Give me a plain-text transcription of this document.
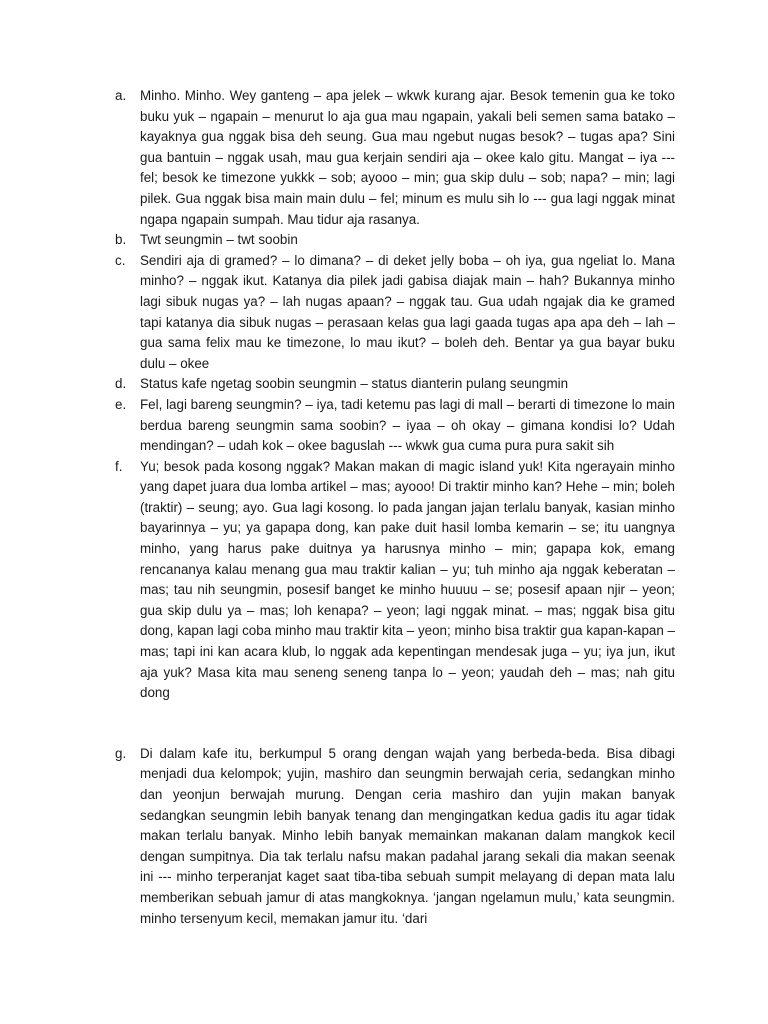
a.	Minho. Minho. Wey ganteng – apa jelek – wkwk kurang ajar. Besok temenin gua ke toko buku yuk – ngapain – menurut lo aja gua mau ngapain, yakali beli semen sama batako – kayaknya gua nggak bisa deh seung. Gua mau ngebut nugas besok? – tugas apa? Sini gua bantuin – nggak usah, mau gua kerjain sendiri aja – okee kalo gitu. Mangat – iya --- fel; besok ke timezone yukkk – sob; ayooo – min; gua skip dulu – sob; napa? – min; lagi pilek. Gua nggak bisa main main dulu – fel; minum es mulu sih lo --- gua lagi nggak minat ngapa ngapain sumpah. Mau tidur aja rasanya.
b.	Twt seungmin – twt soobin
c.	Sendiri aja di gramed? – lo dimana? – di deket jelly boba – oh iya, gua ngeliat lo. Mana minho? – nggak ikut. Katanya dia pilek jadi gabisa diajak main – hah? Bukannya minho lagi sibuk nugas ya? – lah nugas apaan? – nggak tau. Gua udah ngajak dia ke gramed tapi katanya dia sibuk nugas – perasaan kelas gua lagi gaada tugas apa apa deh – lah – gua sama felix mau ke timezone, lo mau ikut? – boleh deh. Bentar ya gua bayar buku dulu – okee
d.	Status kafe ngetag soobin seungmin – status dianterin pulang seungmin
e.	Fel, lagi bareng seungmin? – iya, tadi ketemu pas lagi di mall – berarti di timezone lo main berdua bareng seungmin sama soobin? – iyaa – oh okay – gimana kondisi lo? Udah mendingan? – udah kok – okee baguslah --- wkwk gua cuma pura pura sakit sih
f.	Yu; besok pada kosong nggak? Makan makan di magic island yuk! Kita ngerayain minho yang dapet juara dua lomba artikel – mas; ayooo! Di traktir minho kan? Hehe – min; boleh (traktir) – seung; ayo. Gua lagi kosong. lo pada jangan jajan terlalu banyak, kasian minho bayarinnya – yu; ya gapapa dong, kan pake duit hasil lomba kemarin – se; itu uangnya minho, yang harus pake duitnya ya harusnya minho – min; gapapa kok, emang rencananya kalau menang gua mau traktir kalian – yu; tuh minho aja nggak keberatan – mas; tau nih seungmin, posesif banget ke minho huuuu – se; posesif apaan njir – yeon; gua skip dulu ya – mas; loh kenapa? – yeon; lagi nggak minat. – mas; nggak bisa gitu dong, kapan lagi coba minho mau traktir kita – yeon; minho bisa traktir gua kapan-kapan – mas; tapi ini kan acara klub, lo nggak ada kepentingan mendesak juga – yu; iya jun, ikut aja yuk? Masa kita mau seneng seneng tanpa lo – yeon; yaudah deh – mas; nah gitu dong
g.	Di dalam kafe itu, berkumpul 5 orang dengan wajah yang berbeda-beda. Bisa dibagi menjadi dua kelompok; yujin, mashiro dan seungmin berwajah ceria, sedangkan minho dan yeonjun berwajah murung. Dengan ceria mashiro dan yujin makan banyak sedangkan seungmin lebih banyak tenang dan mengingatkan kedua gadis itu agar tidak makan terlalu banyak. Minho lebih banyak memainkan makanan dalam mangkok kecil dengan sumpitnya. Dia tak terlalu nafsu makan padahal jarang sekali dia makan seenak ini --- minho terperanjat kaget saat tiba-tiba sebuah sumpit melayang di depan mata lalu memberikan sebuah jamur di atas mangkoknya. ‘jangan ngelamun mulu,’ kata seungmin. minho tersenyum kecil, memakan jamur itu. ‘dari
